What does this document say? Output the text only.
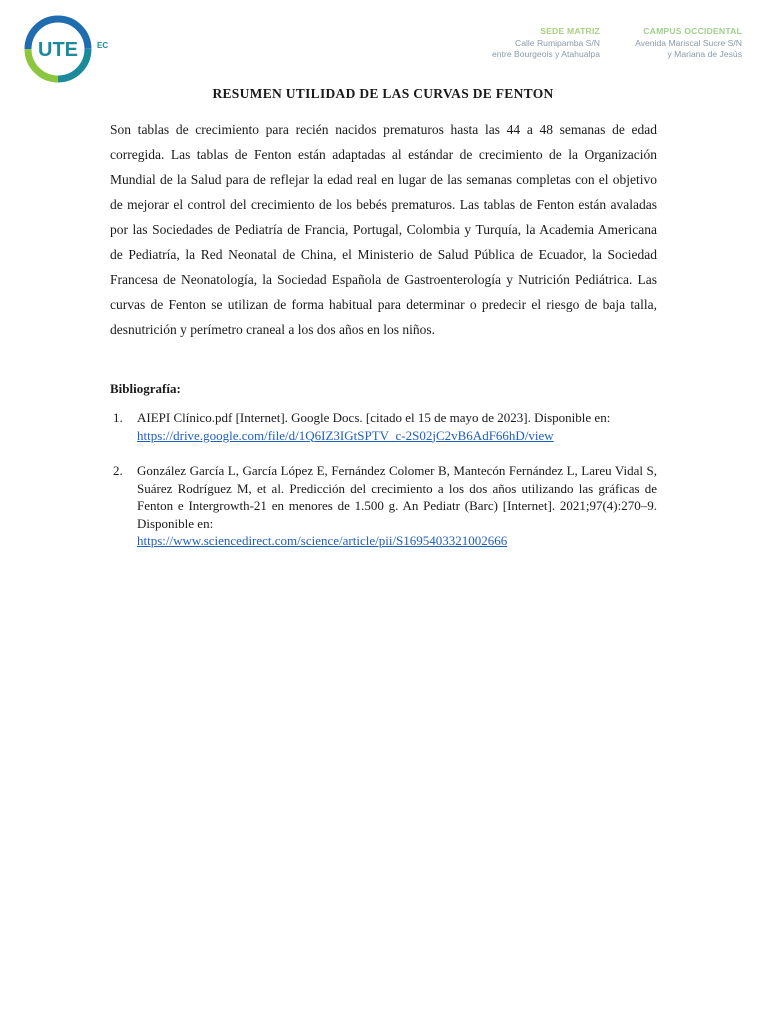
UTE EC
SEDE MATRIZ
Calle Rumipamba S/N
entre Bourgeois y Atahualpa
CAMPUS OCCIDENTAL
Avenida Mariscal Sucre S/N
y Mariana de Jesús
RESUMEN UTILIDAD DE LAS CURVAS DE FENTON

Son tablas de crecimiento para recién nacidos prematuros hasta las 44 a 48 semanas de edad corregida. Las tablas de Fenton están adaptadas al estándar de crecimiento de la Organización Mundial de la Salud para de reflejar la edad real en lugar de las semanas completas con el objetivo de mejorar el control del crecimiento de los bebés prematuros. Las tablas de Fenton están avaladas por las Sociedades de Pediatría de Francia, Portugal, Colombia y Turquía, la Academia Americana de Pediatría, la Red Neonatal de China, el Ministerio de Salud Pública de Ecuador, la Sociedad Francesa de Neonatología, la Sociedad Española de Gastroenterología y Nutrición Pediátrica. Las curvas de Fenton se utilizan de forma habitual para determinar o predecir el riesgo de baja talla, desnutrición y perímetro craneal a los dos años en los niños.

Bibliografía:

1. AIEPI Clínico.pdf [Internet]. Google Docs. [citado el 15 de mayo de 2023]. Disponible en:
https://drive.google.com/file/d/1Q6IZ3IGtSPTV_c-2S02jC2vB6AdF66hD/view
2. González García L, García López E, Fernández Colomer B, Mantecón Fernández L, Lareu Vidal S, Suárez Rodríguez M, et al. Predicción del crecimiento a los dos años utilizando las gráficas de Fenton e Intergrowth-21 en menores de 1.500 g. An Pediatr (Barc) [Internet]. 2021;97(4):270–9. Disponible en:
https://www.sciencedirect.com/science/article/pii/S1695403321002666
